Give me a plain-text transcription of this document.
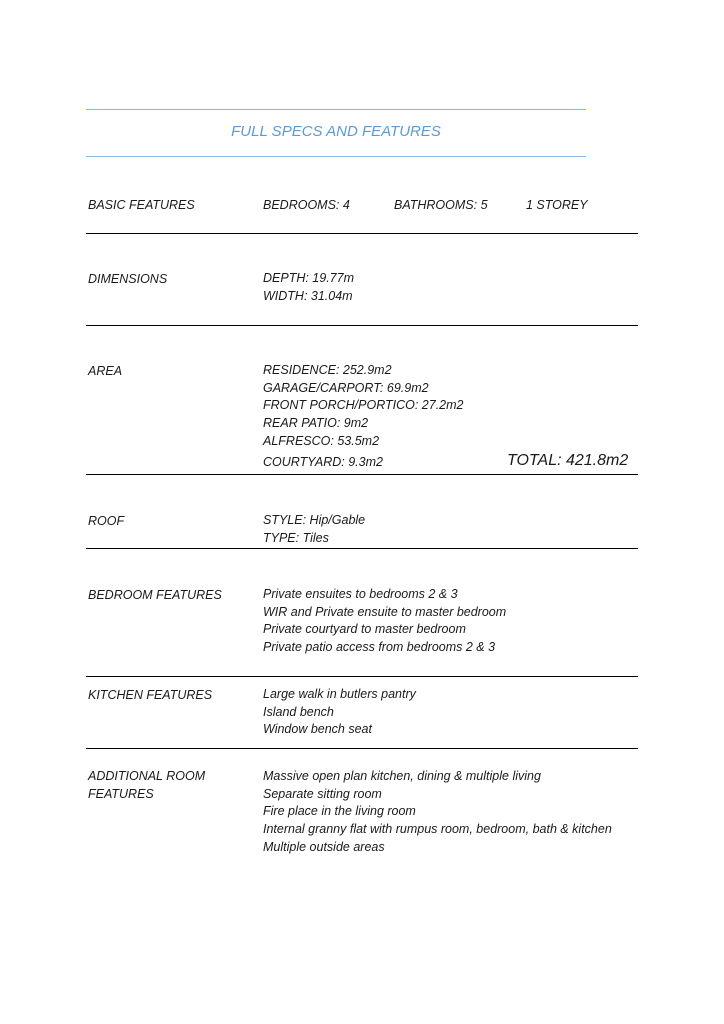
FULL SPECS AND FEATURES
BASIC FEATURES	BEDROOMS: 4	BATHROOMS: 5	1 STOREY
DIMENSIONS	DEPTH: 19.77m
WIDTH: 31.04m
AREA	RESIDENCE: 252.9m2
GARAGE/CARPORT: 69.9m2
FRONT PORCH/PORTICO: 27.2m2
REAR PATIO: 9m2
ALFRESCO: 53.5m2
COURTYARD: 9.3m2	TOTAL: 421.8m2
ROOF	STYLE: Hip/Gable
TYPE: Tiles
BEDROOM FEATURES	Private ensuites to bedrooms 2 & 3
WIR and Private ensuite to master bedroom
Private courtyard to master bedroom
Private patio access from bedrooms 2 & 3
KITCHEN FEATURES	Large walk in butlers pantry
Island bench
Window bench seat
ADDITIONAL ROOM
FEATURES
Massive open plan kitchen, dining & multiple living
Separate sitting room
Fire place in the living room
Internal granny flat with rumpus room, bedroom, bath & kitchen
Multiple outside areas
